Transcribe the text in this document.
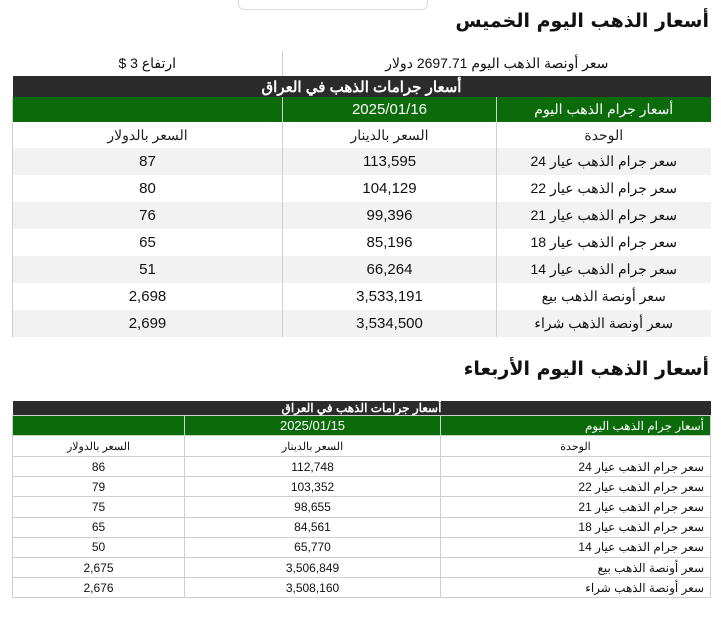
أسعار الذهب اليوم الخميس
سعر أونصة الذهب اليوم 2697.71 دولار		ارتفاع 3 $
أسعار جرامات الذهب في العراق		
أسعار جرام الذهب اليوم	2025/01/16	
الوحدة	السعر بالدينار	السعر بالدولار
سعر جرام الذهب عيار 24	113,595	87
سعر جرام الذهب عيار 22	104,129	80
سعر جرام الذهب عيار 21	99,396	76
سعر جرام الذهب عيار 18	85,196	65
سعر جرام الذهب عيار 14	66,264	51
سعر أونصة الذهب بيع	3,533,191	2,698
سعر أونصة الذهب شراء	3,534,500	2,699
أسعار الذهب اليوم الأربعاء
أسعار جرامات الذهب في العراق		
أسعار جرام الذهب اليوم	2025/01/15	
الوحدة	السعر بالدينار	السعر بالدولار
سعر جرام الذهب عيار 24	112,748	86
سعر جرام الذهب عيار 22	103,352	79
سعر جرام الذهب عيار 21	98,655	75
سعر جرام الذهب عيار 18	84,561	65
سعر جرام الذهب عيار 14	65,770	50
سعر أونصة الذهب بيع	3,506,849	2,675
سعر أونصة الذهب شراء	3,508,160	2,676
